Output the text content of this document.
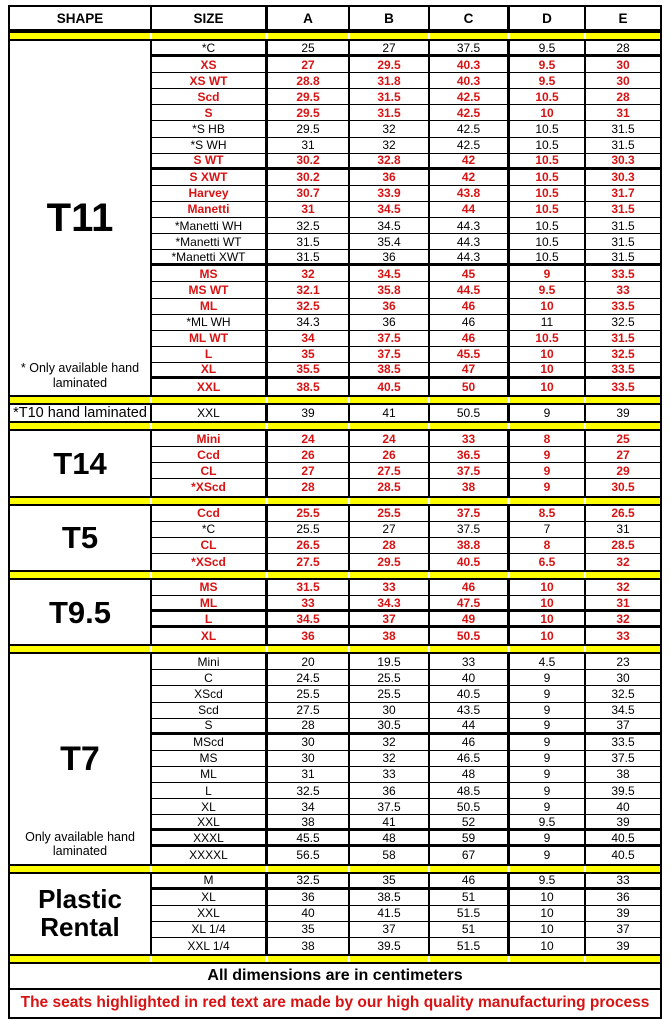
SHAPE	SIZE	A	B	C	D	E
T11
* Only available hand laminated
*C	25	27	37.5	9.5	28
XS	27	29.5	40.3	9.5	30
XS WT	28.8	31.8	40.3	9.5	30
Scd	29.5	31.5	42.5	10.5	28
S	29.5	31.5	42.5	10	31
*S HB	29.5	32	42.5	10.5	31.5
*S WH	31	32	42.5	10.5	31.5
S WT	30.2	32.8	42	10.5	30.3
S XWT	30.2	36	42	10.5	30.3
Harvey	30.7	33.9	43.8	10.5	31.7
Manetti	31	34.5	44	10.5	31.5
*Manetti WH	32.5	34.5	44.3	10.5	31.5
*Manetti WT	31.5	35.4	44.3	10.5	31.5
*Manetti XWT	31.5	36	44.3	10.5	31.5
MS	32	34.5	45	9	33.5
MS WT	32.1	35.8	44.5	9.5	33
ML	32.5	36	46	10	33.5
*ML WH	34.3	36	46	11	32.5
ML WT	34	37.5	46	10.5	31.5
L	35	37.5	45.5	10	32.5
XL	35.5	38.5	47	10	33.5
XXL	38.5	40.5	50	10	33.5
*T10 hand laminated	XXL	39	41	50.5	9	39
T14
Mini	24	24	33	8	25
Ccd	26	26	36.5	9	27
CL	27	27.5	37.5	9	29
*XScd	28	28.5	38	9	30.5
T5
Ccd	25.5	25.5	37.5	8.5	26.5
*C	25.5	27	37.5	7	31
CL	26.5	28	38.8	8	28.5
*XScd	27.5	29.5	40.5	6.5	32
T9.5
MS	31.5	33	46	10	32
ML	33	34.3	47.5	10	31
L	34.5	37	49	10	32
XL	36	38	50.5	10	33
T7
Only available hand laminated
Mini	20	19.5	33	4.5	23
C	24.5	25.5	40	9	30
XScd	25.5	25.5	40.5	9	32.5
Scd	27.5	30	43.5	9	34.5
S	28	30.5	44	9	37
MScd	30	32	46	9	33.5
MS	30	32	46.5	9	37.5
ML	31	33	48	9	38
L	32.5	36	48.5	9	39.5
XL	34	37.5	50.5	9	40
XXL	38	41	52	9.5	39
XXXL	45.5	48	59	9	40.5
XXXXL	56.5	58	67	9	40.5
Plastic Rental
M	32.5	35	46	9.5	33
XL	36	38.5	51	10	36
XXL	40	41.5	51.5	10	39
XL 1/4	35	37	51	10	37
XXL 1/4	38	39.5	51.5	10	39
All dimensions are in centimeters
The seats highlighted in red text are made by our high quality manufacturing process
